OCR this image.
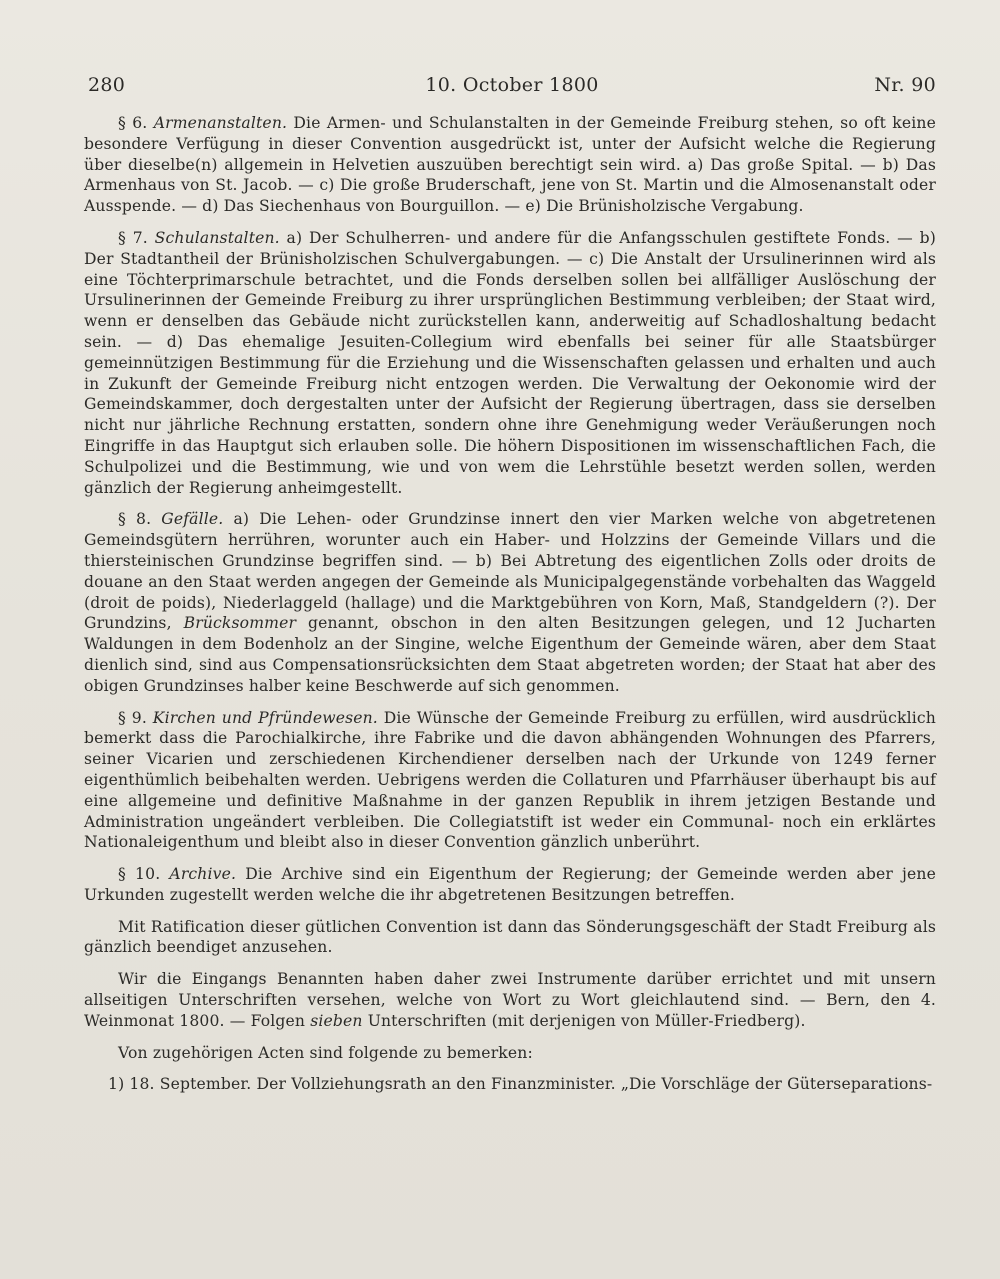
280	10. October 1800	Nr. 90

§ 6. Armenanstalten. Die Armen- und Schulanstalten in der Gemeinde Freiburg stehen, so oft keine besondere Verfügung in dieser Convention ausgedrückt ist, unter der Aufsicht welche die Regierung über dieselbe(n) allgemein in Helvetien auszuüben berechtigt sein wird. a) Das große Spital. — b) Das Armenhaus von St. Jacob. — c) Die große Bruderschaft, jene von St. Martin und die Almosenanstalt oder Ausspende. — d) Das Siechenhaus von Bourguillon. — e) Die Brünisholzische Vergabung.

§ 7. Schulanstalten. a) Der Schulherren- und andere für die Anfangsschulen gestiftete Fonds. — b) Der Stadtantheil der Brünisholzischen Schulvergabungen. — c) Die Anstalt der Ursulinerinnen wird als eine Töchterprimarschule betrachtet, und die Fonds derselben sollen bei allfälliger Auslöschung der Ursulinerinnen der Gemeinde Freiburg zu ihrer ursprünglichen Bestimmung verbleiben; der Staat wird, wenn er denselben das Gebäude nicht zurückstellen kann, anderweitig auf Schadloshaltung bedacht sein. — d) Das ehemalige Jesuiten-Collegium wird ebenfalls bei seiner für alle Staatsbürger gemeinnützigen Bestimmung für die Erziehung und die Wissenschaften gelassen und erhalten und auch in Zukunft der Gemeinde Freiburg nicht entzogen werden. Die Verwaltung der Oekonomie wird der Gemeindskammer, doch dergestalten unter der Aufsicht der Regierung übertragen, dass sie derselben nicht nur jährliche Rechnung erstatten, sondern ohne ihre Genehmigung weder Veräußerungen noch Eingriffe in das Hauptgut sich erlauben solle. Die höhern Dispositionen im wissenschaftlichen Fach, die Schulpolizei und die Bestimmung, wie und von wem die Lehrstühle besetzt werden sollen, werden gänzlich der Regierung anheimgestellt.

§ 8. Gefälle. a) Die Lehen- oder Grundzinse innert den vier Marken welche von abgetretenen Gemeindsgütern herrühren, worunter auch ein Haber- und Holzzins der Gemeinde Villars und die thiersteinischen Grundzinse begriffen sind. — b) Bei Abtretung des eigentlichen Zolls oder droits de douane an den Staat werden angegen der Gemeinde als Municipalgegenstände vorbehalten das Waggeld (droit de poids), Niederlaggeld (hallage) und die Marktgebühren von Korn, Maß, Standgeldern (?). Der Grundzins, Brücksommer genannt, obschon in den alten Besitzungen gelegen, und 12 Jucharten Waldungen in dem Bodenholz an der Singine, welche Eigenthum der Gemeinde wären, aber dem Staat dienlich sind, sind aus Compensationsrücksichten dem Staat abgetreten worden; der Staat hat aber des obigen Grundzinses halber keine Beschwerde auf sich genommen.

§ 9. Kirchen und Pfründewesen. Die Wünsche der Gemeinde Freiburg zu erfüllen, wird ausdrücklich bemerkt dass die Parochialkirche, ihre Fabrike und die davon abhängenden Wohnungen des Pfarrers, seiner Vicarien und zerschiedenen Kirchendiener derselben nach der Urkunde von 1249 ferner eigenthümlich beibehalten werden. Uebrigens werden die Collaturen und Pfarrhäuser überhaupt bis auf eine allgemeine und definitive Maßnahme in der ganzen Republik in ihrem jetzigen Bestande und Administration ungeändert verbleiben. Die Collegiatstift ist weder ein Communal- noch ein erklärtes Nationaleigenthum und bleibt also in dieser Convention gänzlich unberührt.

§ 10. Archive. Die Archive sind ein Eigenthum der Regierung; der Gemeinde werden aber jene Urkunden zugestellt werden welche die ihr abgetretenen Besitzungen betreffen.

Mit Ratification dieser gütlichen Convention ist dann das Sönderungsgeschäft der Stadt Freiburg als gänzlich beendiget anzusehen.

Wir die Eingangs Benannten haben daher zwei Instrumente darüber errichtet und mit unsern allseitigen Unterschriften versehen, welche von Wort zu Wort gleichlautend sind. — Bern, den 4. Weinmonat 1800. — Folgen sieben Unterschriften (mit derjenigen von Müller-Friedberg).

Von zugehörigen Acten sind folgende zu bemerken:

1) 18. September. Der Vollziehungsrath an den Finanzminister. „Die Vorschläge der Güterseparations-
